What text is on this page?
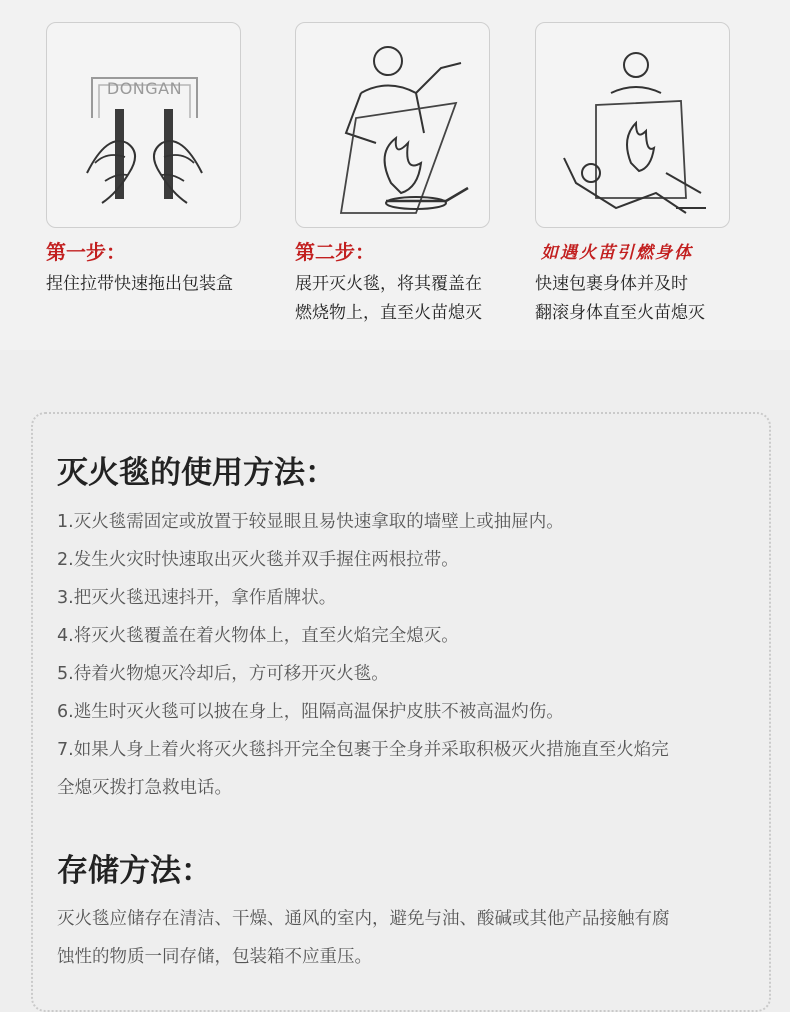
DONGAN
第一步：
捏住拉带快速拖出包装盒
第二步：
展开灭火毯，将其覆盖在
燃烧物上，直至火苗熄灭
如遇火苗引燃身体
快速包裹身体并及时
翻滚身体直至火苗熄灭
灭火毯的使用方法：
1.灭火毯需固定或放置于较显眼且易快速拿取的墙壁上或抽屉内。
2.发生火灾时快速取出灭火毯并双手握住两根拉带。
3.把灭火毯迅速抖开，拿作盾牌状。
4.将灭火毯覆盖在着火物体上，直至火焰完全熄灭。
5.待着火物熄灭冷却后，方可移开灭火毯。
6.逃生时灭火毯可以披在身上，阻隔高温保护皮肤不被高温灼伤。
7.如果人身上着火将灭火毯抖开完全包裹于全身并采取积极灭火措施直至火焰完
全熄灭拨打急救电话。
存储方法：
灭火毯应储存在清洁、干燥、通风的室内，避免与油、酸碱或其他产品接触有腐
蚀性的物质一同存储，包装箱不应重压。
